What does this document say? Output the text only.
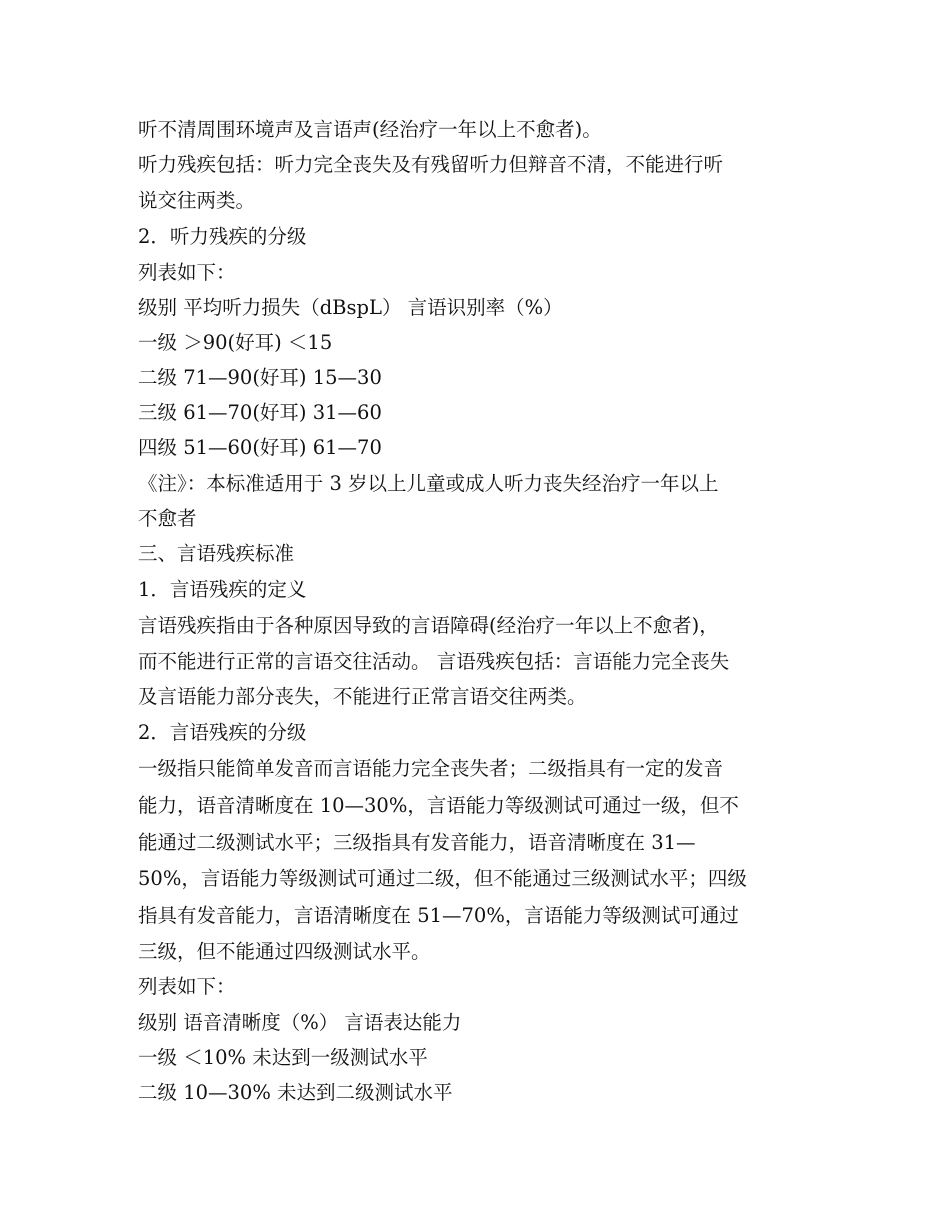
听不清周围环境声及言语声(经治疗一年以上不愈者)。
听力残疾包括：听力完全丧失及有残留听力但辩音不清，不能进行听
说交往两类。
2．听力残疾的分级
列表如下：
级别 平均听力损失（dBspL） 言语识别率（%）
一级 ＞90(好耳) ＜15
二级 71—90(好耳) 15—30
三级 61—70(好耳) 31—60
四级 51—60(好耳) 61—70
《注》：本标准适用于 3 岁以上儿童或成人听力丧失经治疗一年以上
不愈者
三、言语残疾标准
1．言语残疾的定义
言语残疾指由于各种原因导致的言语障碍(经治疗一年以上不愈者)，
而不能进行正常的言语交往活动。 言语残疾包括：言语能力完全丧失
及言语能力部分丧失，不能进行正常言语交往两类。
2．言语残疾的分级
一级指只能简单发音而言语能力完全丧失者；二级指具有一定的发音
能力，语音清晰度在 10—30%，言语能力等级测试可通过一级，但不
能通过二级测试水平；三级指具有发音能力，语音清晰度在 31—
50%，言语能力等级测试可通过二级，但不能通过三级测试水平；四级
指具有发音能力，言语清晰度在 51—70%，言语能力等级测试可通过
三级，但不能通过四级测试水平。
列表如下：
级别 语音清晰度（%） 言语表达能力
一级 ＜10% 未达到一级测试水平
二级 10—30% 未达到二级测试水平
